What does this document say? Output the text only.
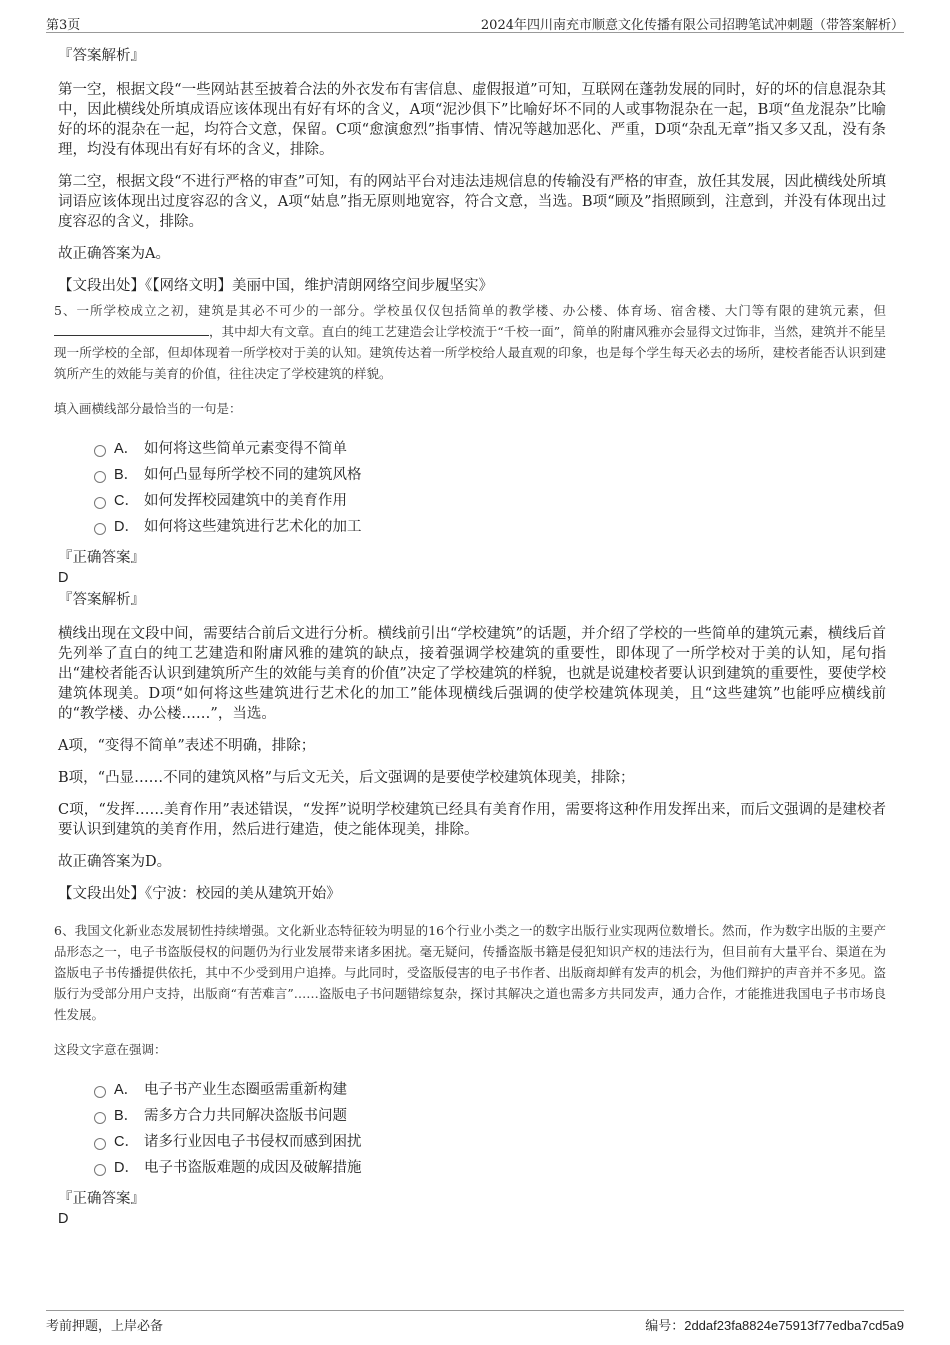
第3页	2024年四川南充市顺意文化传播有限公司招聘笔试冲刺题（带答案解析）
『答案解析』

第一空，根据文段“一些网站甚至披着合法的外衣发布有害信息、虚假报道”可知，互联网在蓬勃发展的同时，好的坏的信息混杂其中，因此横线处所填成语应该体现出有好有坏的含义，A项“泥沙俱下”比喻好坏不同的人或事物混杂在一起，B项“鱼龙混杂”比喻好的坏的混杂在一起，均符合文意，保留。C项“愈演愈烈”指事情、情况等越加恶化、严重，D项“杂乱无章”指又多又乱，没有条理，均没有体现出有好有坏的含义，排除。

第二空，根据文段“不进行严格的审查”可知，有的网站平台对违法违规信息的传输没有严格的审查，放任其发展，因此横线处所填词语应该体现出过度容忍的含义，A项“姑息”指无原则地宽容，符合文意，当选。B项“顾及”指照顾到，注意到，并没有体现出过度容忍的含义，排除。

故正确答案为A。

【文段出处】《【网络文明】美丽中国，维护清朗网络空间步履坚实》

5、一所学校成立之初，建筑是其必不可少的一部分。学校虽仅仅包括简单的教学楼、办公楼、体育场、宿舍楼、大门等有限的建筑元素，但，其中却大有文章。直白的纯工艺建造会让学校流于“千校一面”，简单的附庸风雅亦会显得文过饰非，当然，建筑并不能呈现一所学校的全部，但却体现着一所学校对于美的认知。建筑传达着一所学校给人最直观的印象，也是每个学生每天必去的场所，建校者能否认识到建筑所产生的效能与美育的价值，往往决定了学校建筑的样貌。

填入画横线部分最恰当的一句是：
A． 如何将这些简单元素变得不简单
B． 如何凸显每所学校不同的建筑风格
C． 如何发挥校园建筑中的美育作用
D． 如何将这些建筑进行艺术化的加工
『正确答案』
D
『答案解析』

横线出现在文段中间，需要结合前后文进行分析。横线前引出“学校建筑”的话题，并介绍了学校的一些简单的建筑元素，横线后首先列举了直白的纯工艺建造和附庸风雅的建筑的缺点，接着强调学校建筑的重要性，即体现了一所学校对于美的认知，尾句指出“建校者能否认识到建筑所产生的效能与美育的价值”决定了学校建筑的样貌，也就是说建校者要认识到建筑的重要性，要使学校建筑体现美。D项“如何将这些建筑进行艺术化的加工”能体现横线后强调的使学校建筑体现美，且“这些建筑”也能呼应横线前的“教学楼、办公楼……”，当选。

A项，“变得不简单”表述不明确，排除；

B项，“凸显……不同的建筑风格”与后文无关，后文强调的是要使学校建筑体现美，排除；

C项，“发挥……美育作用”表述错误，“发挥”说明学校建筑已经具有美育作用，需要将这种作用发挥出来，而后文强调的是建校者要认识到建筑的美育作用，然后进行建造，使之能体现美，排除。

故正确答案为D。

【文段出处】《宁波：校园的美从建筑开始》

6、我国文化新业态发展韧性持续增强。文化新业态特征较为明显的16个行业小类之一的数字出版行业实现两位数增长。然而，作为数字出版的主要产品形态之一，电子书盗版侵权的问题仍为行业发展带来诸多困扰。毫无疑问，传播盗版书籍是侵犯知识产权的违法行为，但目前有大量平台、渠道在为盗版电子书传播提供依托，其中不少受到用户追捧。与此同时，受盗版侵害的电子书作者、出版商却鲜有发声的机会，为他们辩护的声音并不多见。盗版行为受部分用户支持，出版商“有苦难言”……盗版电子书问题错综复杂，探讨其解决之道也需多方共同发声，通力合作，才能推进我国电子书市场良性发展。

这段文字意在强调：
A． 电子书产业生态圈亟需重新构建
B． 需多方合力共同解决盗版书问题
C． 诸多行业因电子书侵权而感到困扰
D． 电子书盗版难题的成因及破解措施
『正确答案』
D
考前押题，上岸必备	编号：2ddaf23fa8824e75913f77edba7cd5a9
